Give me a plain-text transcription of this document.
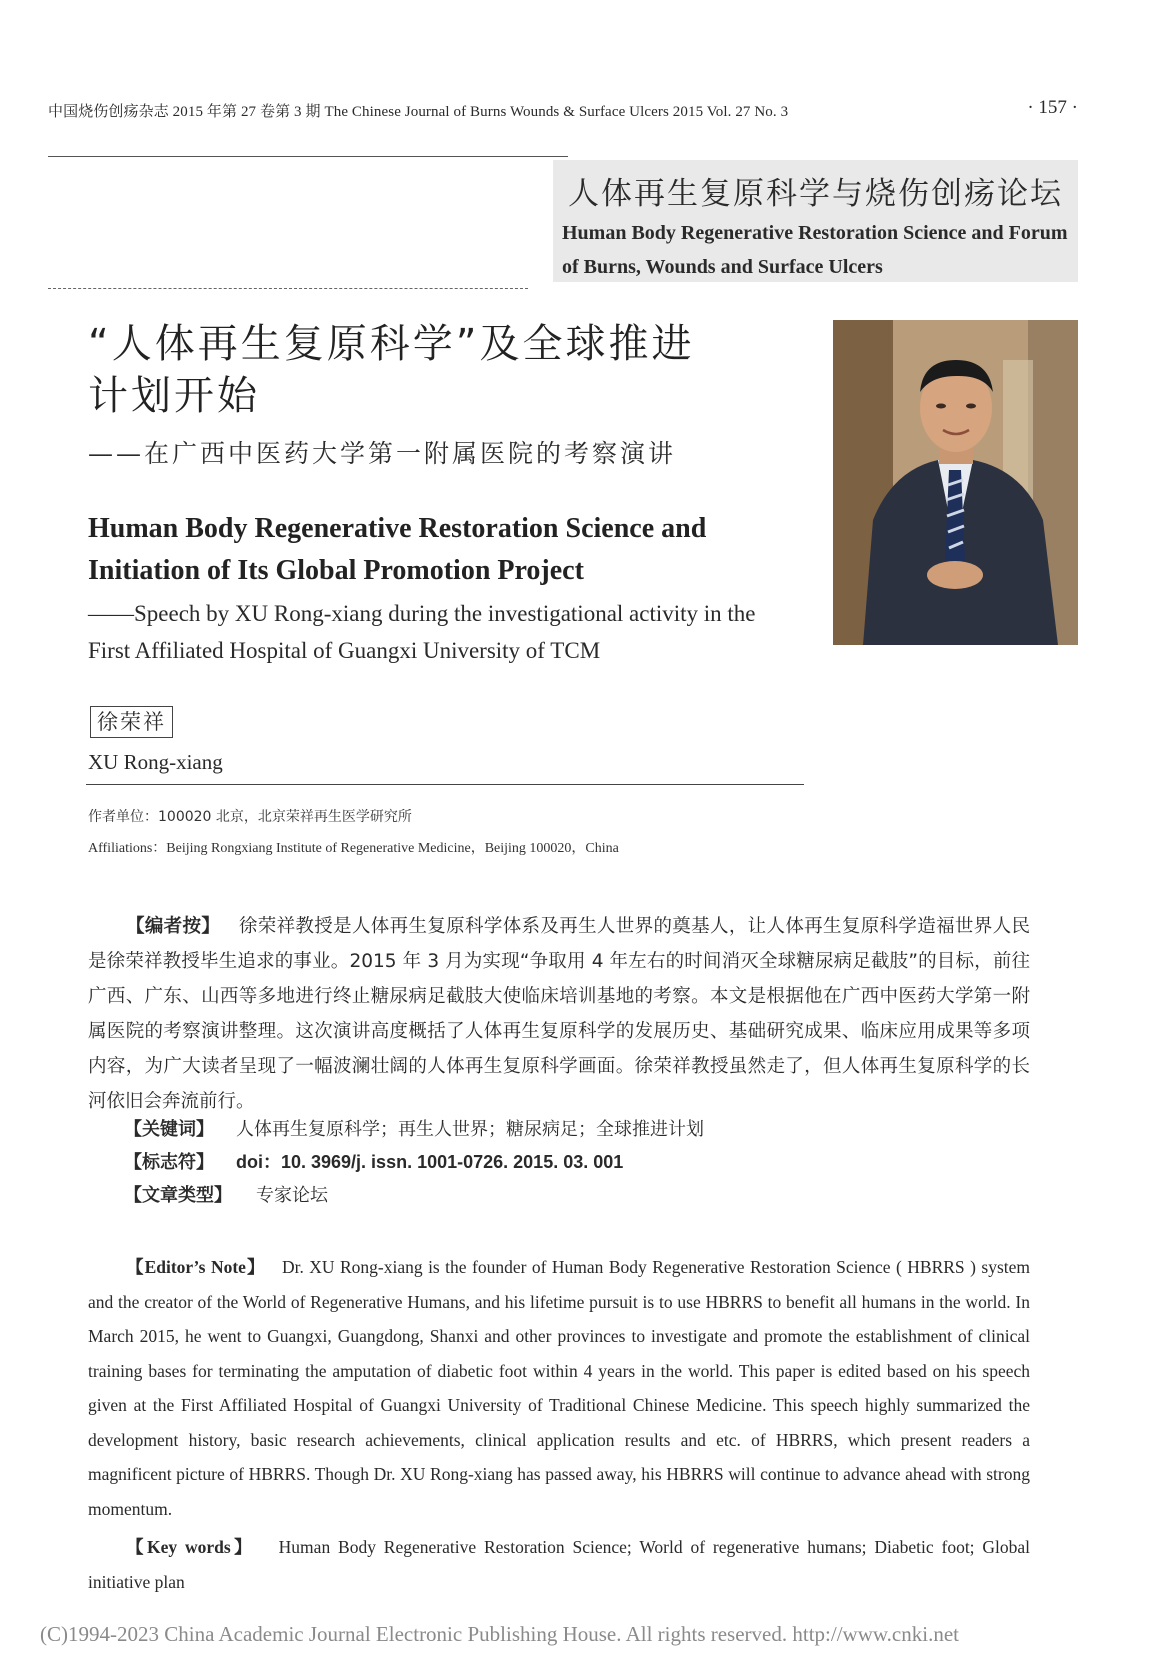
中国烧伤创疡杂志 2015 年第 27 卷第 3 期 The Chinese Journal of Burns Wounds & Surface Ulcers 2015 Vol. 27 No. 3	· 157 ·
人体再生复原科学与烧伤创疡论坛
Human Body Regenerative Restoration Science and Forum of Burns, Wounds and Surface Ulcers
“人体再生复原科学”及全球推进
计划开始
——在广西中医药大学第一附属医院的考察演讲
Human Body Regenerative Restoration Science and Initiation of Its Global Promotion Project
——Speech by XU Rong-xiang during the investigational activity in the First Affiliated Hospital of Guangxi University of TCM
徐荣祥
XU Rong-xiang
作者单位：100020 北京，北京荣祥再生医学研究所
Affiliations：Beijing Rongxiang Institute of Regenerative Medicine，Beijing 100020，China
【编者按】 徐荣祥教授是人体再生复原科学体系及再生人世界的奠基人，让人体再生复原科学造福世界人民是徐荣祥教授毕生追求的事业。2015 年 3 月为实现“争取用 4 年左右的时间消灭全球糖尿病足截肢”的目标，前往广西、广东、山西等多地进行终止糖尿病足截肢大使临床培训基地的考察。本文是根据他在广西中医药大学第一附属医院的考察演讲整理。这次演讲高度概括了人体再生复原科学的发展历史、基础研究成果、临床应用成果等多项内容，为广大读者呈现了一幅波澜壮阔的人体再生复原科学画面。徐荣祥教授虽然走了，但人体再生复原科学的长河依旧会奔流前行。
【关键词】 人体再生复原科学；再生人世界；糖尿病足；全球推进计划
【标志符】 doi：10. 3969/j. issn. 1001-0726. 2015. 03. 001
【文章类型】 专家论坛
【Editor’s Note】 Dr. XU Rong-xiang is the founder of Human Body Regenerative Restoration Science ( HBRRS ) system and the creator of the World of Regenerative Humans, and his lifetime pursuit is to use HBRRS to benefit all humans in the world. In March 2015, he went to Guangxi, Guangdong, Shanxi and other provinces to investigate and promote the establishment of clinical training bases for terminating the amputation of diabetic foot within 4 years in the world. This paper is edited based on his speech given at the First Affiliated Hospital of Guangxi University of Traditional Chinese Medicine. This speech highly summarized the development history, basic research achievements, clinical application results and etc. of HBRRS, which present readers a magnificent picture of HBRRS. Though Dr. XU Rong-xiang has passed away, his HBRRS will continue to advance ahead with strong momentum.
【Key words】 Human Body Regenerative Restoration Science; World of regenerative humans; Diabetic foot; Global initiative plan
(C)1994-2023 China Academic Journal Electronic Publishing House. All rights reserved. http://www.cnki.net
